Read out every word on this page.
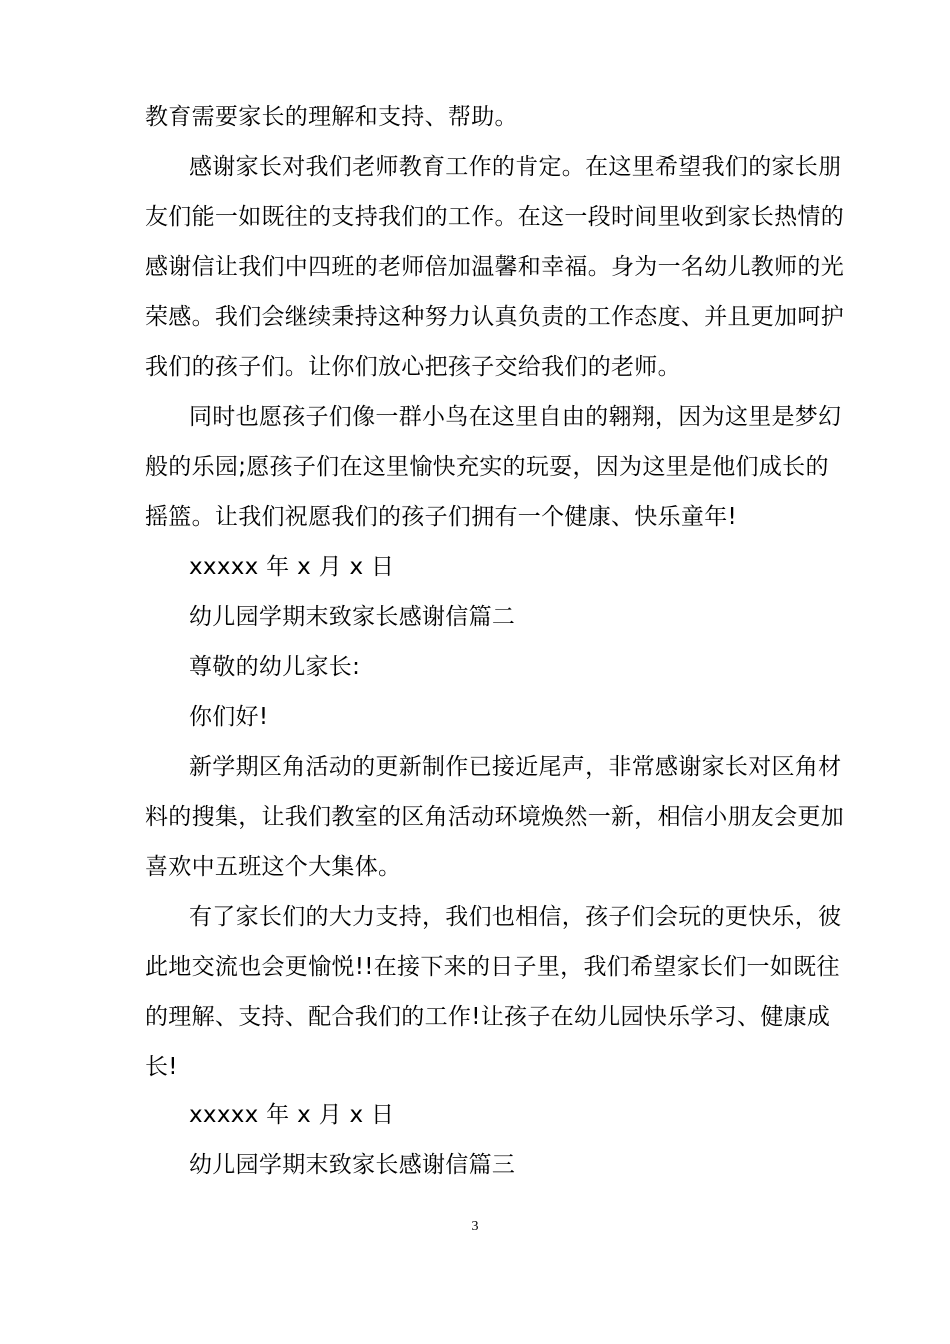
教育需要家长的理解和支持、帮助。
感谢家长对我们老师教育工作的肯定。在这里希望我们的家长朋
友们能一如既往的支持我们的工作。在这一段时间里收到家长热情的
感谢信让我们中四班的老师倍加温馨和幸福。身为一名幼儿教师的光
荣感。我们会继续秉持这种努力认真负责的工作态度、并且更加呵护
我们的孩子们。让你们放心把孩子交给我们的老师。
同时也愿孩子们像一群小鸟在这里自由的翱翔，因为这里是梦幻
般的乐园;愿孩子们在这里愉快充实的玩耍，因为这里是他们成长的
摇篮。让我们祝愿我们的孩子们拥有一个健康、快乐童年!
xxxxx 年 x 月 x 日
幼儿园学期末致家长感谢信篇二
尊敬的幼儿家长:
你们好!
新学期区角活动的更新制作已接近尾声，非常感谢家长对区角材
料的搜集，让我们教室的区角活动环境焕然一新，相信小朋友会更加
喜欢中五班这个大集体。
有了家长们的大力支持，我们也相信，孩子们会玩的更快乐，彼
此地交流也会更愉悦!!在接下来的日子里，我们希望家长们一如既往
的理解、支持、配合我们的工作!让孩子在幼儿园快乐学习、健康成
长!
xxxxx 年 x 月 x 日
幼儿园学期末致家长感谢信篇三
3
